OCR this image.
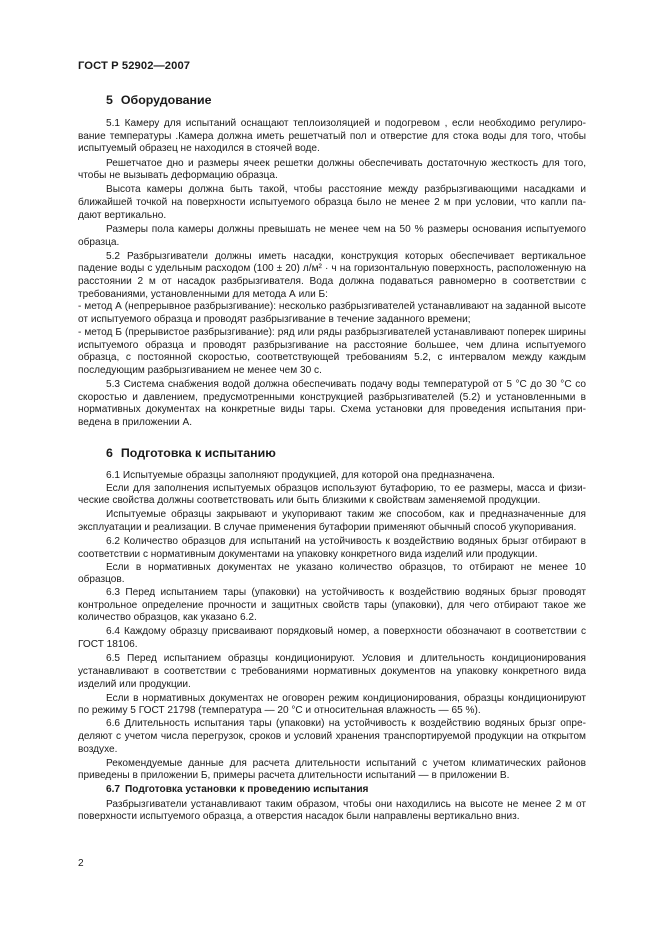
ГОСТ Р 52902—2007
5 Оборудование

5.1 Камеру для испытаний оснащают теплоизоляцией и подогревом , если необходимо регулирование температуры .Камера должна иметь решетчатый пол и отверстие для стока воды для того, чтобы испытуемый образец не находился в стоячей воде.

Решетчатое дно и размеры ячеек решетки должны обеспечивать достаточную жесткость для того, чтобы не вызывать деформацию образца.

Высота камеры должна быть такой, чтобы расстояние между разбрызгивающими насадками и ближайшей точкой на поверхности испытуемого образца было не менее 2 м при условии, что капли падают вертикально.

Размеры пола камеры должны превышать не менее чем на 50 % размеры основания испытуемого образца.

5.2 Разбрызгиватели должны иметь насадки, конструкция которых обеспечивает вертикальное падение воды с удельным расходом (100 ± 20) л/м² · ч на горизонтальную поверхность, расположенную на расстоянии 2 м от насадок разбрызгивателя. Вода должна подаваться равномерно в соответствии с требованиями, установленными для метода А или Б:

- метод А (непрерывное разбрызгивание): несколько разбрызгивателей устанавливают на заданной высоте от испытуемого образца и проводят разбрызгивание в течение заданного времени;

- метод Б (прерывистое разбрызгивание): ряд или ряды разбрызгивателей устанавливают поперек ширины испытуемого образца и проводят разбрызгивание на расстояние большее, чем длина испытуемого образца, с постоянной скоростью, соответствующей требованиям 5.2, с интервалом между каждым последующим разбрызгиванием не менее чем 30 с.

5.3 Система снабжения водой должна обеспечивать подачу воды температурой от 5 °С до 30 °С со скоростью и давлением, предусмотренными конструкцией разбрызгивателей (5.2) и установленными в нормативных документах на конкретные виды тары. Схема установки для проведения испытания приведена в приложении А.

6 Подготовка к испытанию

6.1 Испытуемые образцы заполняют продукцией, для которой она предназначена.

Если для заполнения испытуемых образцов используют бутафорию, то ее размеры, масса и физические свойства должны соответствовать или быть близкими к свойствам заменяемой продукции.

Испытуемые образцы закрывают и укупоривают таким же способом, как и предназначенные для эксплуатации и реализации. В случае применения бутафории применяют обычный способ укупоривания.

6.2 Количество образцов для испытаний на устойчивость к воздействию водяных брызг отбирают в соответствии с нормативным документами на упаковку конкретного вида изделий или продукции.

Если в нормативных документах не указано количество образцов, то отбирают не менее 10 образцов.

6.3 Перед испытанием тары (упаковки) на устойчивость к воздействию водяных брызг проводят контрольное определение прочности и защитных свойств тары (упаковки), для чего отбирают такое же количество образцов, как указано 6.2.

6.4 Каждому образцу присваивают порядковый номер, а поверхности обозначают в соответствии с ГОСТ 18106.

6.5 Перед испытанием образцы кондиционируют. Условия и длительность кондиционирования устанавливают в соответствии с требованиями нормативных документов на упаковку конкретного вида изделий или продукции.

Если в нормативных документах не оговорен режим кондиционирования, образцы кондиционируют по режиму 5 ГОСТ 21798 (температура — 20 °С и относительная влажность — 65 %).

6.6 Длительность испытания тары (упаковки) на устойчивость к воздействию водяных брызг определяют с учетом числа перегрузок, сроков и условий хранения транспортируемой продукции на открытом воздухе.

Рекомендуемые данные для расчета длительности испытаний с учетом климатических районов приведены в приложении Б, примеры расчета длительности испытаний — в приложении В.

6.7 Подготовка установки к проведению испытания

Разбрызгиватели устанавливают таким образом, чтобы они находились на высоте не менее 2 м от поверхности испытуемого образца, а отверстия насадок были направлены вертикально вниз.

2
